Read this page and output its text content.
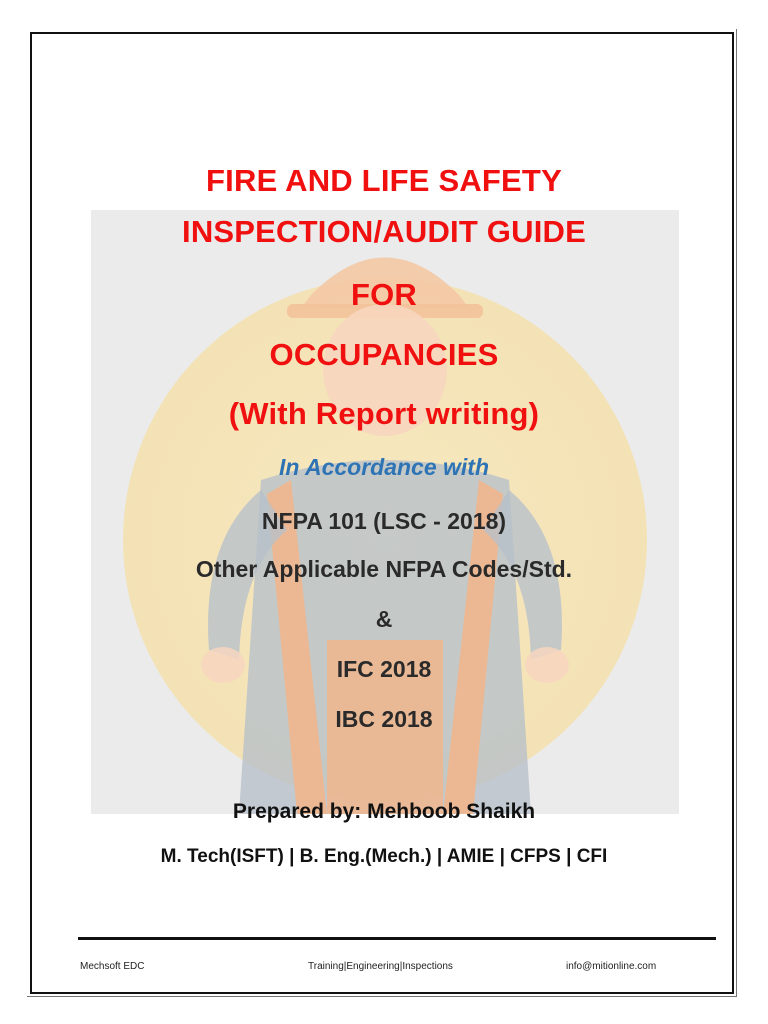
FIRE AND LIFE SAFETY
INSPECTION/AUDIT GUIDE
FOR
OCCUPANCIES
(With Report writing)
In Accordance with
NFPA 101 (LSC - 2018)
Other Applicable NFPA Codes/Std.
&
IFC 2018
IBC 2018
Prepared by: Mehboob Shaikh
M. Tech(ISFT) | B. Eng.(Mech.) | AMIE | CFPS | CFI
Mechsoft EDC	Training|Engineering|Inspections	info@mitionline.com
